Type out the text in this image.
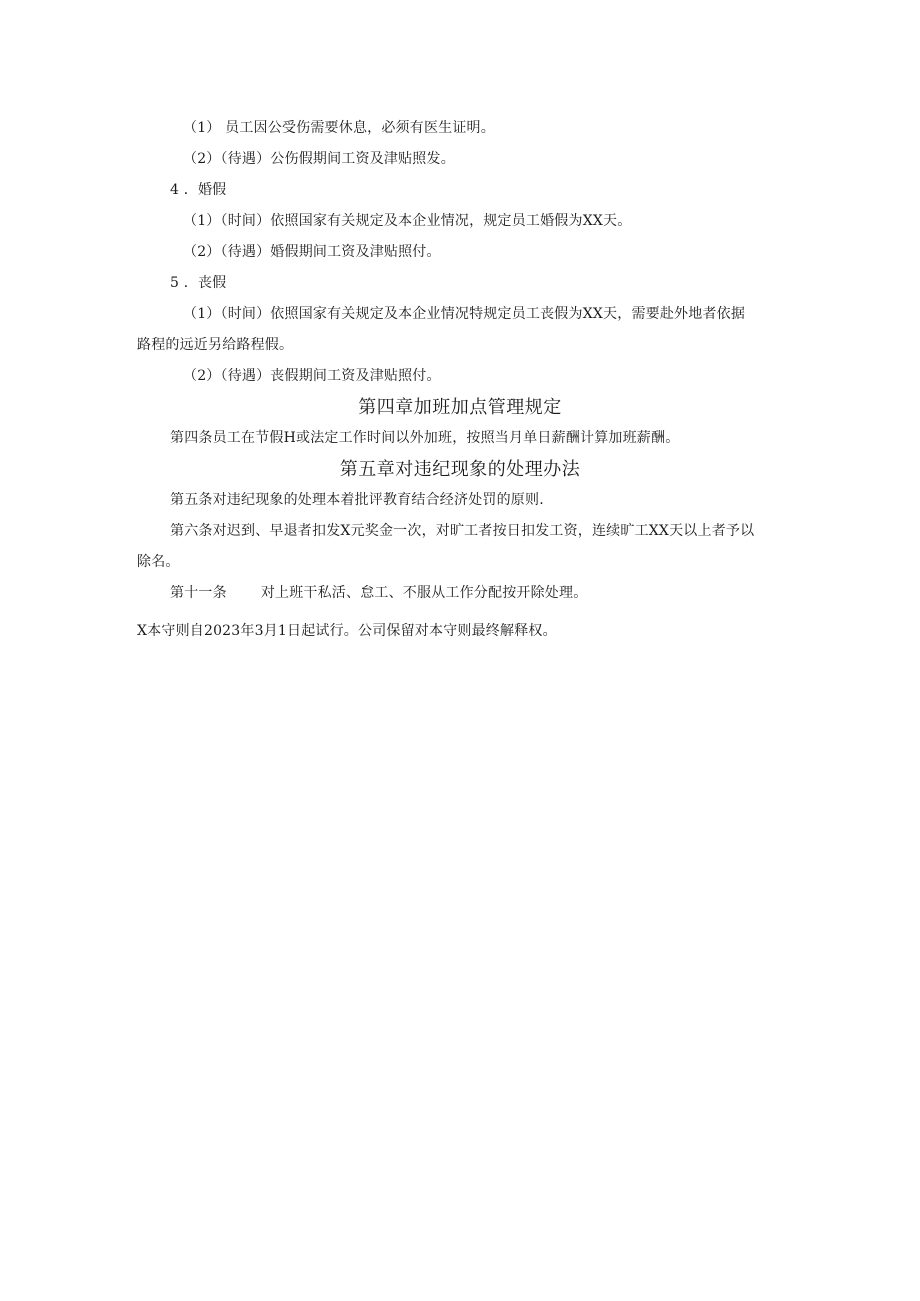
（1） 员工因公受伤需要休息，必须有医生证明。
（2）（待遇）公伤假期间工资及津贴照发。
4 ．婚假
（1）（时间）依照国家有关规定及本企业情况，规定员工婚假为XX天。
（2）（待遇）婚假期间工资及津贴照付。
5 ．丧假
（1）（时间）依照国家有关规定及本企业情况特规定员工丧假为XX天，需要赴外地者依据
路程的远近另给路程假。
（2）（待遇）丧假期间工资及津贴照付。
第四章加班加点管理规定
第四条员工在节假H或法定工作时间以外加班，按照当月单日薪酬计算加班薪酬。
第五章对违纪现象的处理办法
第五条对违纪现象的处理本着批评教育结合经济处罚的原则.
第六条对迟到、早退者扣发X元奖金一次，对旷工者按日扣发工资，连续旷工XX天以上者予以
除名。
第十一条 对上班干私活、怠工、不服从工作分配按开除处理。
X本守则自2023年3月1日起试行。公司保留对本守则最终解释权。
